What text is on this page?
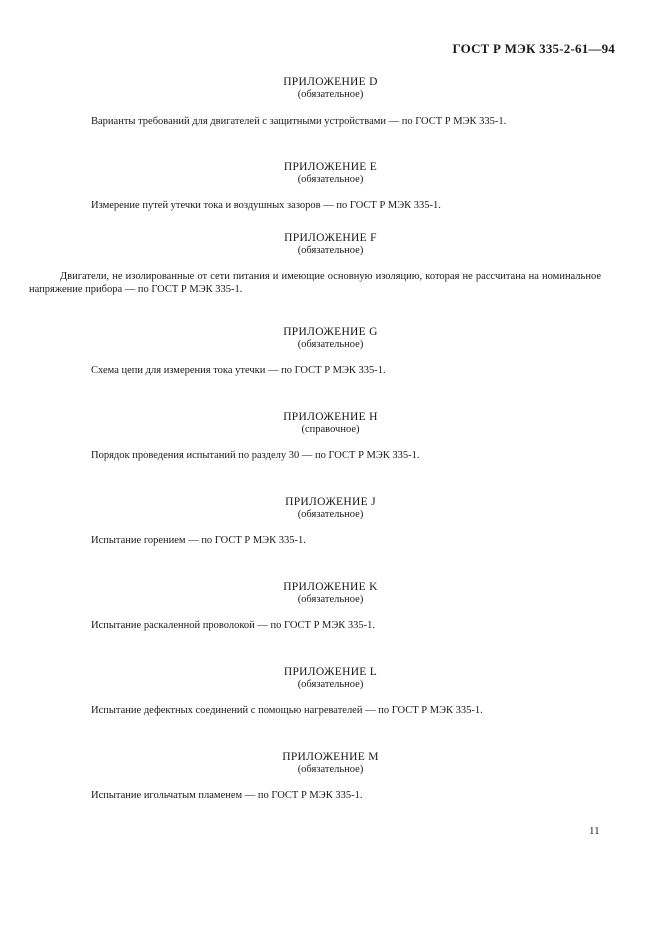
ГОСТ Р МЭК 335-2-61—94
ПРИЛОЖЕНИЕ D
(обязательное)
Варианты требований для двигателей с защитными устройствами — по ГОСТ Р МЭК 335-1.
ПРИЛОЖЕНИЕ E
(обязательное)
Измерение путей утечки тока и воздушных зазоров — по ГОСТ Р МЭК 335-1.
ПРИЛОЖЕНИЕ F
(обязательное)
Двигатели, не изолированные от сети питания и имеющие основную изоляцию, которая не рассчитана на номинальное напряжение прибора — по ГОСТ Р МЭК 335-1.
ПРИЛОЖЕНИЕ G
(обязательное)
Схема цепи для измерения тока утечки — по ГОСТ Р МЭК 335-1.
ПРИЛОЖЕНИЕ H
(справочное)
Порядок проведения испытаний по разделу 30 — по ГОСТ Р МЭК 335-1.
ПРИЛОЖЕНИЕ J
(обязательное)
Испытание горением — по ГОСТ Р МЭК 335-1.
ПРИЛОЖЕНИЕ K
(обязательное)
Испытание раскаленной проволокой — по ГОСТ Р МЭК 335-1.
ПРИЛОЖЕНИЕ L
(обязательное)
Испытание дефектных соединений с помощью нагревателей — по ГОСТ Р МЭК 335-1.
ПРИЛОЖЕНИЕ M
(обязательное)
Испытание игольчатым пламенем — по ГОСТ Р МЭК 335-1.
11
